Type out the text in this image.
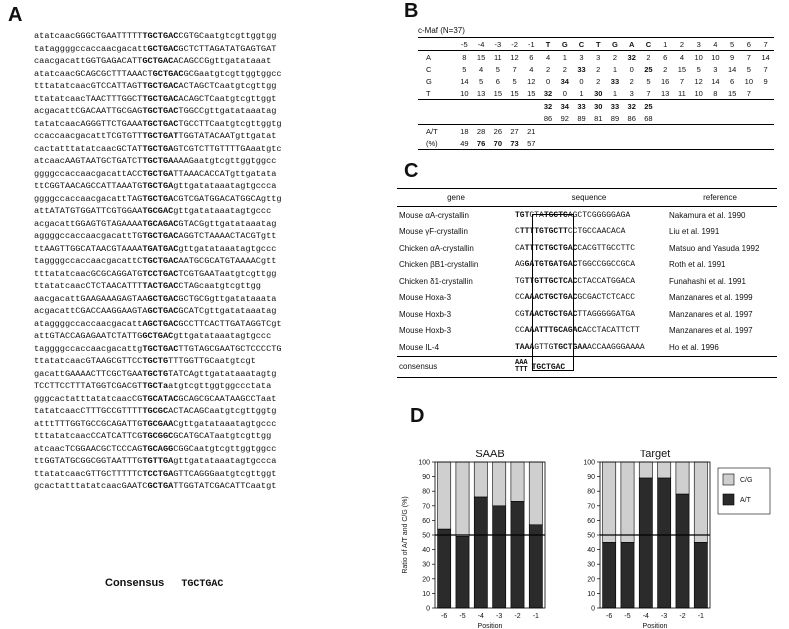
A	B
C
D
atatcaacGGGCTGAATTTTTTGCTGACCGTGCaatgtcgttggtgg
tataggggccaccaacgacattGCTGACGCTCTTAGATATGAGTGAT
caacgacattGGTGAGACATTGCTGACACAGCCGgttgatataaat
atatcaacGCAGCGCTTTAAACTGCTGACGCGaatgtcgttggtggcc
tttatatcaacGTCCATTAGTTGCTGACACTAGCTCaatgtcgttgg
ttatatcaacTAACTTTGGCTTGCTGACACAGCTCaatgtcgttggt
acgacattCGACAATTGCGAGTGCTGACTGGCCgttgatataaatag
tatatcaacAGGGTTCTGAAATGCTGACTGCCTTCaatgtcgttggtg
ccaccaacgacattTCGTGTTTGCTGATTGGTATACAATgttgatat
cactatttatatcaacGCTATTGCTGAGTCGTCTTGTTTTGAaatgtc
atcaacAAGTAATGCTGATCTTGCTGAAAAGaatgtcgttggtggcc
ggggccaccaacgacattACCTGCTGATTAAACACCATgttgatata
ttCGGTAACAGCCATTAAATGTGCTGAgttgatataaatagtgccca
ggggccaccaacgacattTAGTGCTGACGTCGATGGACATGGCAgttg
attATATGTGGATTCGTGGAATGCGACgttgatataaatagtgccc
acgacattGGAGTGTAGAAAATGCAGACGTACGgttgatataaatag
aggggccaccaacgacattTGTGCTGACAGGTCTAAAACTACGTgtt
ttAAGTTGGCATAACGTAAAATGATGACgttgatataaatagtgccc
taggggccaccaacgacattCTGCTGACAATGCGCATGTAAAACgtt
tttatatcaacGCGCAGGATGTCCTGACTCGTGAATaatgtcgttgg
ttatatcaacCTCTAACATTTTACTGACCTAGcaatgtcgttgg
aacgacattGAAGAAAGAGTAAGCTGACGCTGCGgttgatataaata
acgacattCGACCAAGGAAGTAGCTGACGCATCgttgatataaatag
ataggggccaccaacgacattAGCTGACGCCTTCACTTGATAGGTCgt
attGTACCAGAGAATCTATTGGCTGACgttgatataaatagtgccc
taggggccaccaacgacattgTGCTGACTTGTAGCGAATGCTCCCCTG
ttatatcaacGTAAGCGTTCCTGCTGTTTGGTTGCaatgtcgt
gacattGAAAACTTCGCTGAATGCTGTATCAgttgatataaatagtg
TCCTTCCTTTATGGTCGACGTTGCTaatgtcgttggtggccctata
gggcactatttatatcaacCGTGCATACGCAGCGCAATAAGCCTaat
tatatcaacCTTTGCCGTTTTTGCGCACTACAGCaatgtcgttggtg
atttTTTGGTGCCGCAGATTGTGCGAACgttgatataaatagtgccc
tttatatcaacCCATCATTCGTGCGGCGCATGCATaatgtcgttgg
atcaacTCGGAACGCTCCCAGTGCAGGCGGCaatgtcgttggtggcc
ttGGTATGCGGCGGTAATTTGTGTTGAgttgatataaatagtgccca
ttatatcaacGTTGCTTTTTCTCCTGAGTTCAGGGaatgtcgttggt
gcactatttatatcaacGAATCGCTGATTGGTATCGACATTCaatgt
Consensus TGCTGAC
c-Maf (N=37)
	-5	-4	-3	-2	-1	T	G	C	T	G	A	C	1	2	3	4	5	6	7
A	8	15	11	12	6	4	1	3	3	2	32	2	6	4	10	10	9	7	14
C	5	4	5	7	4	2	2	33	2	1	0	25	2	15	5	3	14	5	7
G	14	5	6	5	12	0	34	0	2	33	2	5	16	7	12	14	6	10	9
T	10	13	15	15	15	32	0	1	30	1	3	7	13	11	10	8	15	7	
						32	34	33	30	33	32	25							
						86	92	89	81	89	86	68							
A/T	18	28	26	27	21														
(%)	49	76	70	73	57														
gene	sequence	reference
Mouse αA-crystallin	TGTCTATGCTCAGCTCGGGGGAGA	Nakamura et al. 1990
Mouse γF-crystallin	CTTTTGTGCTTCCTGCCAACACA	Liu et al. 1991
Chicken αA-crystallin	CATTTCTGCTGACCACGTTGCCTTC	Matsuo and Yasuda 1992
Chicken βB1-crystallin	AGGATGTGATGACTGGCCGGCCGCA	Roth et al. 1991
Chicken δ1-crystallin	TGTTGTTGCTCACCTACCATGGACA	Funahashi et al. 1991
Mouse Hoxa-3	CCAAACTGCTGACGCGACTCTCACC	Manzanares et al. 1999
Mouse Hoxb-3	CGTAACTGCTGACTTAGGGGGATGA	Manzanares et al. 1997
Mouse Hoxb-3	CCAAATTTGCAGACACCTACATTCTT	Manzanares et al. 1997
Mouse IL-4	TAAAGTTGTGCTGAAACCAAGGGAAAA	Ho et al. 1996
consensus	AAA
TTT TGCTGAC	
SAAB
0
10
20
30
40
50
60
70
80
90
100
-6 -5 -4 -3 -2 -1
Position
Ratio of A/T and C/G (%)
Target
0
10
20
30
40
50
60
70
80
90
100
-6 -5 -4 -3 -2 -1
Position
C/G
A/T
